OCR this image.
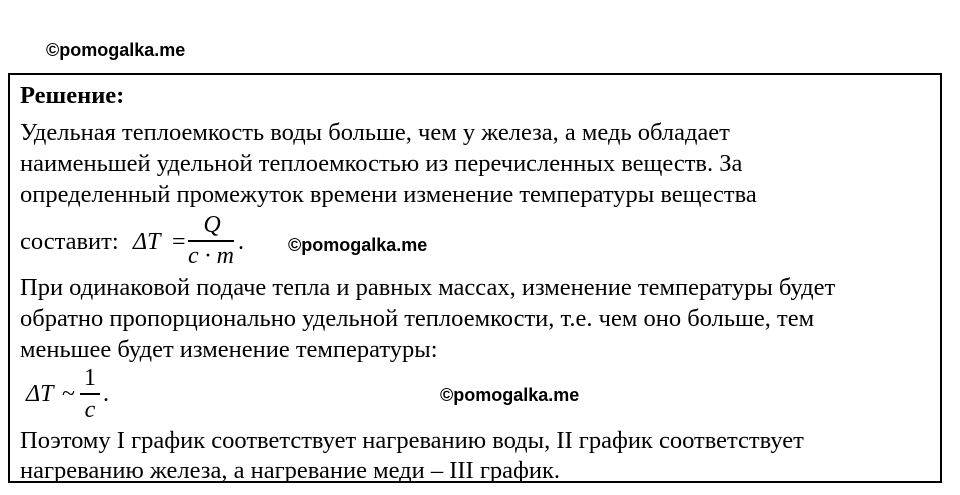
©pomogalka.me
Решение:
Удельная теплоемкость воды больше, чем у железа, а медь обладает
наименьшей удельной теплоемкостью из перечисленных веществ. За
определенный промежуток времени изменение температуры вещества
составит: ΔT =
Q
c · m
. ©pomogalka.me
При одинаковой подаче тепла и равных массах, изменение температуры будет
обратно пропорционально удельной теплоемкости, т.е. чем оно больше, тем
меньшее будет изменение температуры:
ΔT ~
1
c
.	©pomogalka.me
Поэтому I график соответствует нагреванию воды, II график соответствует
нагреванию железа, а нагревание меди – III график.
